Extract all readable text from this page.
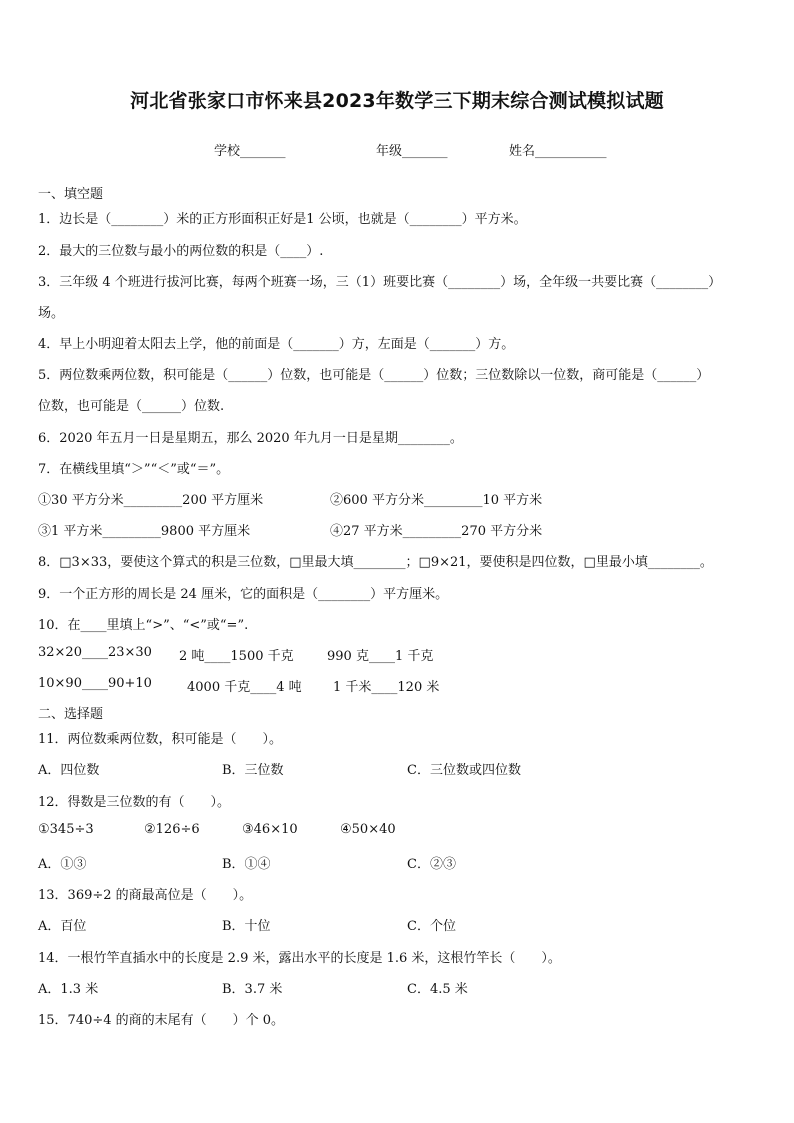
河北省张家口市怀来县2023年数学三下期末综合测试模拟试题
学校_______	年级_______	姓名___________
一、填空题
1．边长是（________）米的正方形面积正好是1 公顷，也就是（________）平方米。
2．最大的三位数与最小的两位数的积是（____）.
3．三年级 4 个班进行拔河比赛，每两个班赛一场，三（1）班要比赛（________）场，全年级一共要比赛（________）
场。
4．早上小明迎着太阳去上学，他的前面是（_______）方，左面是（_______）方。
5．两位数乘两位数，积可能是（______）位数，也可能是（______）位数；三位数除以一位数，商可能是（______）
位数，也可能是（______）位数.
6．2020 年五月一日是星期五，那么 2020 年九月一日是星期________。
7．在横线里填“＞”“＜”或“＝”。
①30 平方分米_________200 平方厘米	②600 平方分米_________10 平方米
③1 平方米_________9800 平方厘米	④27 平方米_________270 平方分米
8．□3×33，要使这个算式的积是三位数，□里最大填________；□9×21，要使积是四位数，□里最小填________。
9．一个正方形的周长是 24 厘米，它的面积是（________）平方厘米。
10．在____里填上“>”、“<”或“=”.
32×20____23×30 2 吨____1500 千克	990 克____1 千克
10×90____90+10	4000 千克____4 吨 1 千米____120 米
二、选择题
11．两位数乘两位数，积可能是（　　）。
A．四位数	B．三位数	C．三位数或四位数
12．得数是三位数的有（　　）。
①345÷3	②126÷6	③46×10	④50×40
A．①③	B．①④	C．②③
13．369÷2 的商最高位是（　　）。
A．百位	B．十位	C．个位
14．一根竹竿直插水中的长度是 2.9 米，露出水平的长度是 1.6 米，这根竹竿长（　　）。
A．1.3 米	B．3.7 米	C．4.5 米
15．740÷4 的商的末尾有（　　）个 0。
